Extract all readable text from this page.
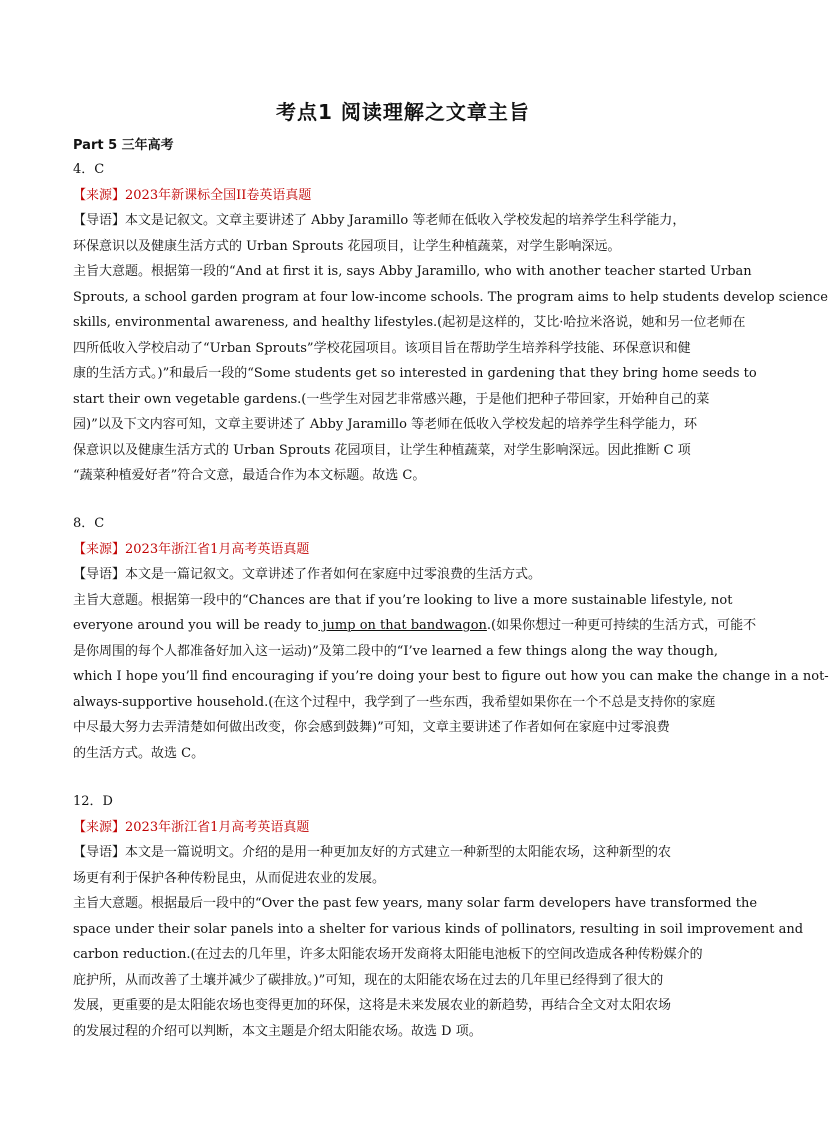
考点1 阅读理解之文章主旨
Part 5 三年高考
4．C
【来源】2023年新课标全国II卷英语真题
【导语】本文是记叙文。文章主要讲述了 Abby Jaramillo 等老师在低收入学校发起的培养学生科学能力，
环保意识以及健康生活方式的 Urban Sprouts 花园项目，让学生种植蔬菜，对学生影响深远。
主旨大意题。根据第一段的“And at first it is, says Abby Jaramillo, who with another teacher started Urban
Sprouts, a school garden program at four low-income schools. The program aims to help students develop science
skills, environmental awareness, and healthy lifestyles.(起初是这样的，艾比·哈拉米洛说，她和另一位老师在
四所低收入学校启动了“Urban Sprouts”学校花园项目。该项目旨在帮助学生培养科学技能、环保意识和健
康的生活方式。)”和最后一段的“Some students get so interested in gardening that they bring home seeds to
start their own vegetable gardens.(一些学生对园艺非常感兴趣，于是他们把种子带回家，开始种自己的菜
园)”以及下文内容可知，文章主要讲述了 Abby Jaramillo 等老师在低收入学校发起的培养学生科学能力，环
保意识以及健康生活方式的 Urban Sprouts 花园项目，让学生种植蔬菜，对学生影响深远。因此推断 C 项
“蔬菜种植爱好者”符合文意，最适合作为本文标题。故选 C。
8．C
【来源】2023年浙江省1月高考英语真题
【导语】本文是一篇记叙文。文章讲述了作者如何在家庭中过零浪费的生活方式。
主旨大意题。根据第一段中的“Chances are that if you’re looking to live a more sustainable lifestyle, not
everyone around you will be ready to jump on that bandwagon.(如果你想过一种更可持续的生活方式，可能不
是你周围的每个人都准备好加入这一运动)”及第二段中的“I’ve learned a few things along the way though,
which I hope you’ll find encouraging if you’re doing your best to figure out how you can make the change in a not-
always-supportive household.(在这个过程中，我学到了一些东西，我希望如果你在一个不总是支持你的家庭
中尽最大努力去弄清楚如何做出改变，你会感到鼓舞)”可知，文章主要讲述了作者如何在家庭中过零浪费
的生活方式。故选 C。
12．D
【来源】2023年浙江省1月高考英语真题
【导语】本文是一篇说明文。介绍的是用一种更加友好的方式建立一种新型的太阳能农场，这种新型的农
场更有利于保护各种传粉昆虫，从而促进农业的发展。
主旨大意题。根据最后一段中的“Over the past few years, many solar farm developers have transformed the
space under their solar panels into a shelter for various kinds of pollinators, resulting in soil improvement and
carbon reduction.(在过去的几年里，许多太阳能农场开发商将太阳能电池板下的空间改造成各种传粉媒介的
庇护所，从而改善了土壤并减少了碳排放。)”可知，现在的太阳能农场在过去的几年里已经得到了很大的
发展，更重要的是太阳能农场也变得更加的环保，这将是未来发展农业的新趋势，再结合全文对太阳农场
的发展过程的介绍可以判断，本文主题是介绍太阳能农场。故选 D 项。
